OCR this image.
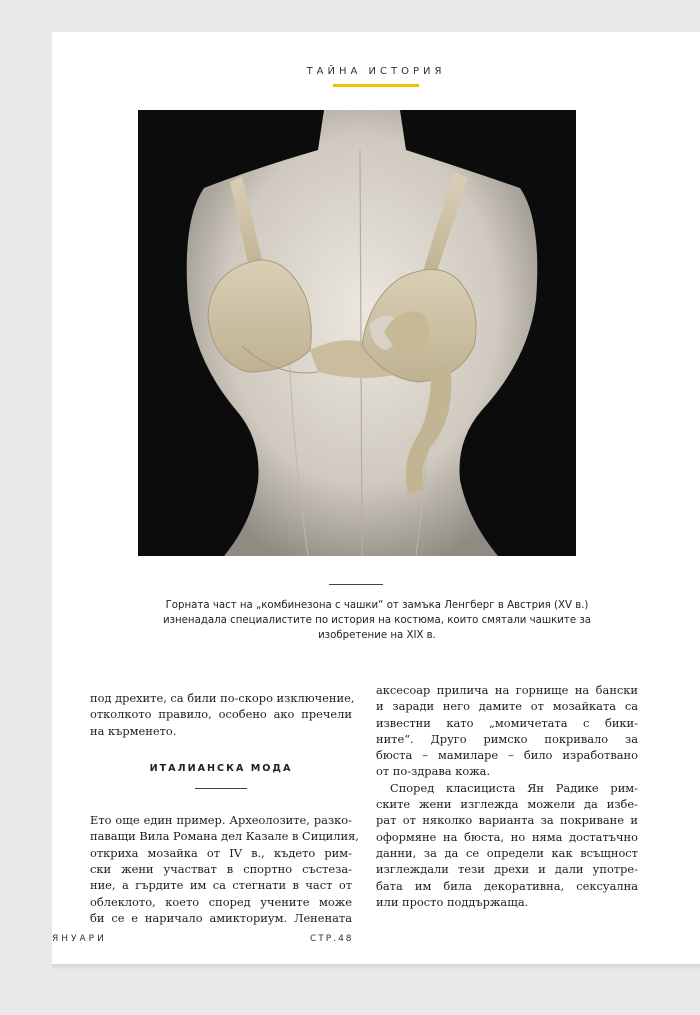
ТАЙНА ИСТОРИЯ
Горната част на „комбинезона с чашки“ от замъка Ленгберг в Австрия (XV в.)
изненадала специалистите по история на костюма, които смятали чашките за
изобретение на XIX в.
под дрехите, са били по-скоро изключение,
отколкото правило, особено ако пречели
на кърменето.
ИТАЛИАНСКА МОДА
Ето още един пример. Археолозите, разко-
паващи Вила Романа дел Казале в Сицилия,
откриха мозайка от IV в., където рим-
ски жени участват в спортно състеза-
ние, а гърдите им са стегнати в част от
облеклото, което според учените може
би се е наричало амикториум. Ленената
аксесоар прилича на горнище на бански
и заради него дамите от мозайката са
известни като „момичетата с бики-
ните“. Друго римско покривало за
бюста – мамиларе – било изработвано
от по-здрава кожа.
Според класициста Ян Радике рим-
ските жени изглежда можели да избе-
рат от няколко варианта за покриване и
оформяне на бюста, но няма достатъчно
данни, за да се определи как всъщност
изглеждали тези дрехи и дали употре-
бата им била декоративна, сексуална
или просто поддържаща.
ЯНУАРИ	СТР.48
